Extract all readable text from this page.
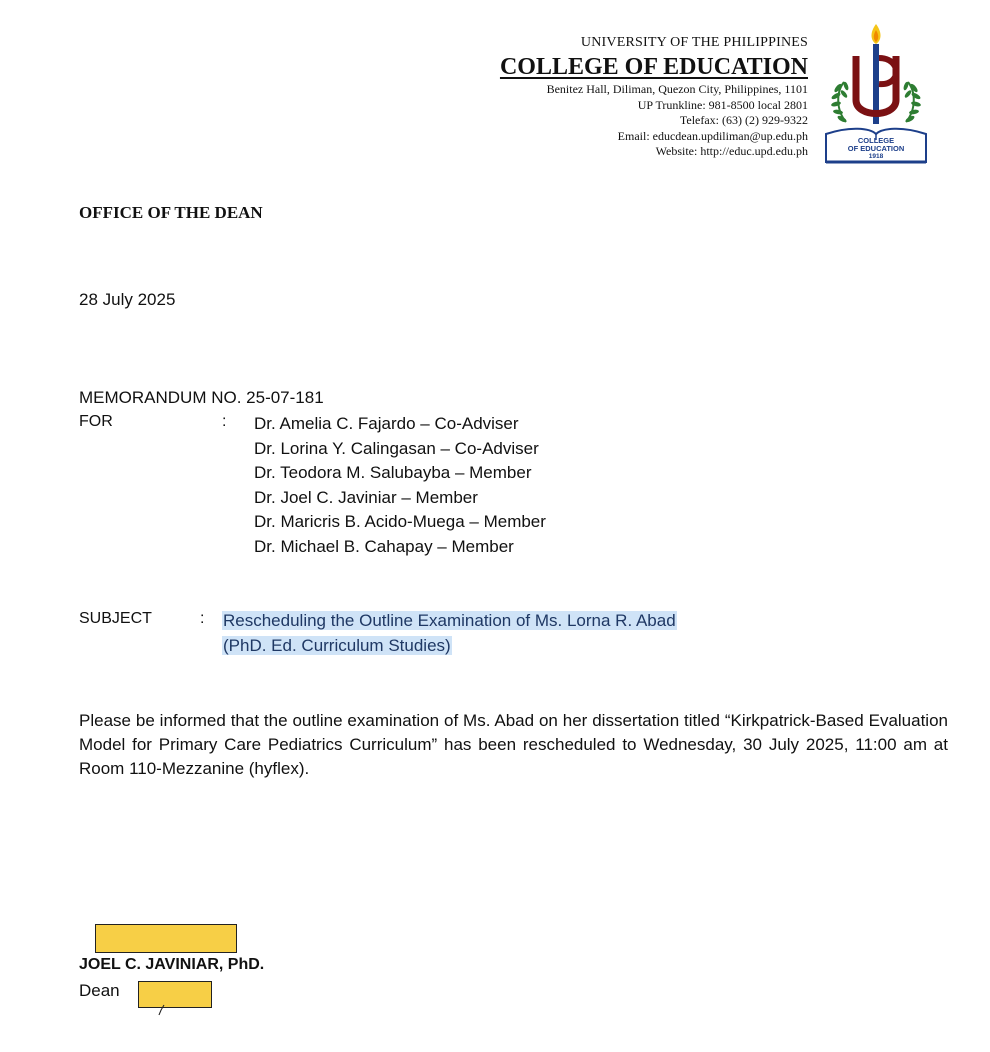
UNIVERSITY OF THE PHILIPPINES
COLLEGE OF EDUCATION
Benitez Hall, Diliman, Quezon City, Philippines, 1101
UP Trunkline: 981-8500 local 2801
Telefax: (63) (2) 929-9322
Email: educdean.updiliman@up.edu.ph
Website: http://educ.upd.edu.ph
COLLEGE
OF EDUCATION
1918
OFFICE OF THE DEAN
28 July 2025
MEMORANDUM NO. 25-07-181
FOR	: Dr. Amelia C. Fajardo – Co-Adviser
Dr. Lorina Y. Calingasan – Co-Adviser
Dr. Teodora M. Salubayba – Member
Dr. Joel C. Javiniar – Member
Dr. Maricris B. Acido-Muega – Member
Dr. Michael B. Cahapay – Member
SUBJECT	: Rescheduling the Outline Examination of Ms. Lorna R. Abad
(PhD. Ed. Curriculum Studies)
Please be informed that the outline examination of Ms. Abad on her dissertation titled “Kirkpatrick-Based Evaluation Model for Primary Care Pediatrics Curriculum” has been rescheduled to Wednesday, 30 July 2025, 11:00 am at Room 110-Mezzanine (hyflex).
JOEL C. JAVINIAR, PhD.
Dean
